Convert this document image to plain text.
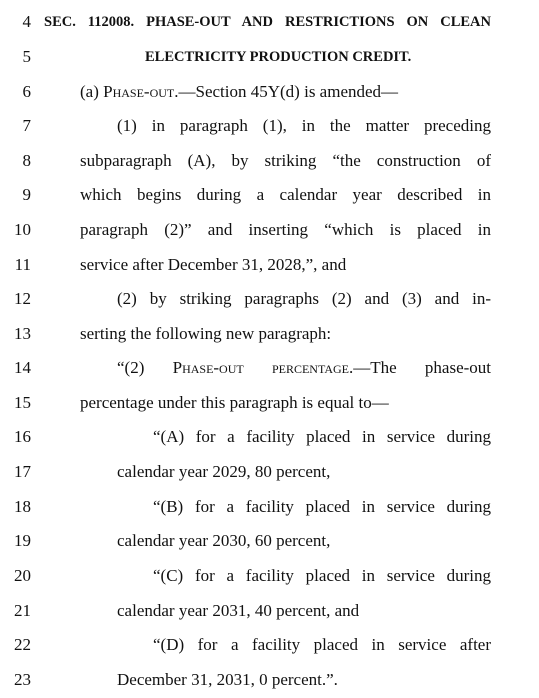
4 SEC. 112008. PHASE-OUT AND RESTRICTIONS ON CLEAN
5	ELECTRICITY PRODUCTION CREDIT.
6	(a) Phase-out.—Section 45Y(d) is amended—
7	(1) in paragraph (1), in the matter preceding
8	subparagraph (A), by striking “the construction of
9	which begins during a calendar year described in
10	paragraph (2)” and inserting “which is placed in
11	service after December 31, 2028,”, and
12	(2) by striking paragraphs (2) and (3) and in-
13	serting the following new paragraph:
14	“(2) Phase-out percentage.—The phase-out
15	percentage under this paragraph is equal to—
16	“(A) for a facility placed in service during
17	calendar year 2029, 80 percent,
18	“(B) for a facility placed in service during
19	calendar year 2030, 60 percent,
20	“(C) for a facility placed in service during
21	calendar year 2031, 40 percent, and
22	“(D) for a facility placed in service after
23	December 31, 2031, 0 percent.”.
